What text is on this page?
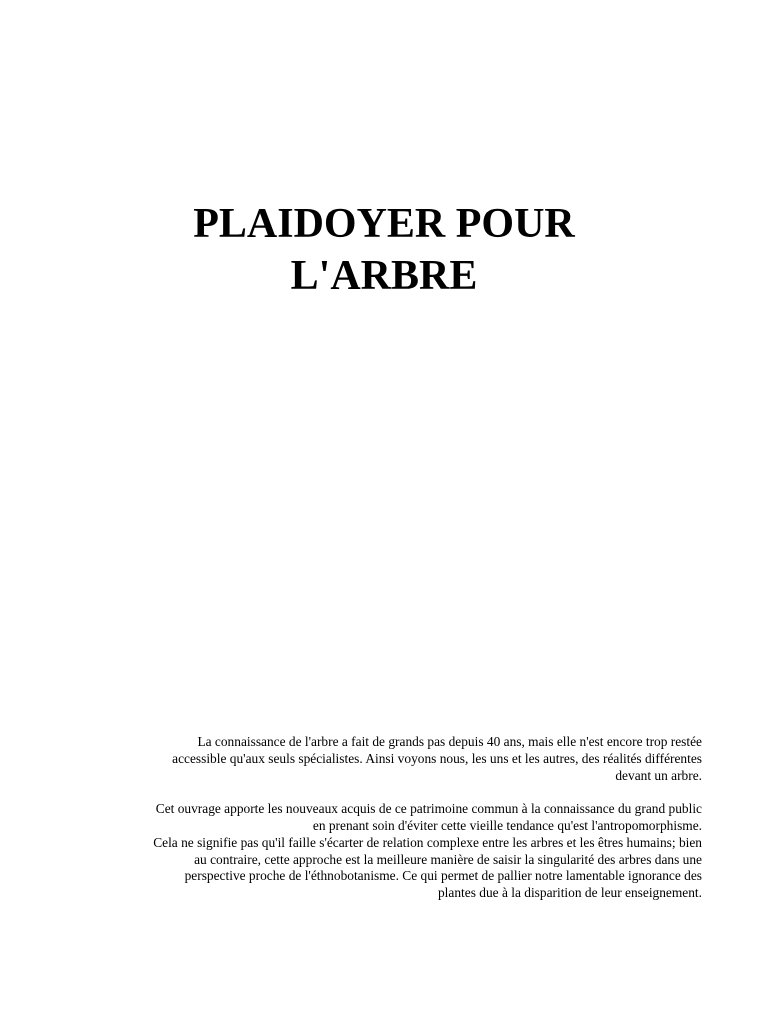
PLAIDOYER POUR
L'ARBRE

La connaissance de l'arbre a fait de grands pas depuis 40 ans, mais elle n'est encore trop restée
accessible qu'aux seuls spécialistes. Ainsi voyons nous, les uns et les autres, des réalités différentes
devant un arbre.

Cet ouvrage apporte les nouveaux acquis de ce patrimoine commun à la connaissance du grand public
en prenant soin d'éviter cette vieille tendance qu'est l'antropomorphisme.
Cela ne signifie pas qu'il faille s'écarter de relation complexe entre les arbres et les êtres humains; bien
au contraire, cette approche est la meilleure manière de saisir la singularité des arbres dans une
perspective proche de l'éthnobotanisme. Ce qui permet de pallier notre lamentable ignorance des
plantes due à la disparition de leur enseignement.
